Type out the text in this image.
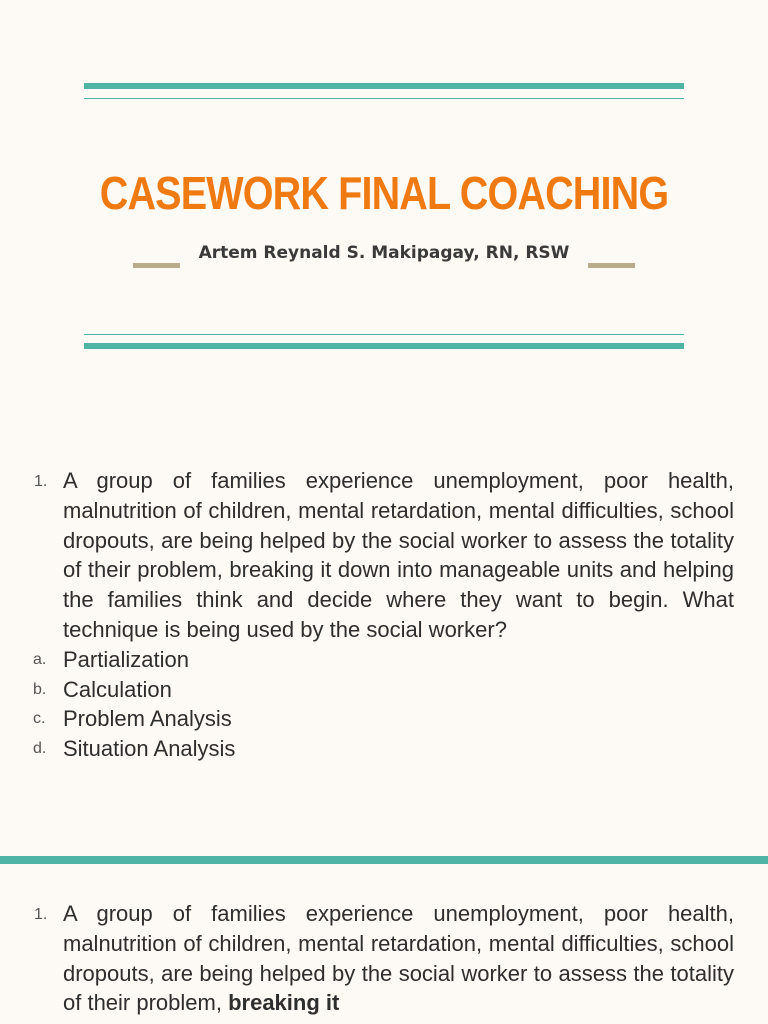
CASEWORK FINAL COACHING
Artem Reynald S. Makipagay, RN, RSW
1. A group of families experience unemployment, poor health, malnutrition of children, mental retardation, mental difficulties, school dropouts, are being helped by the social worker to assess the totality of their problem, breaking it down into manageable units and helping the families think and decide where they want to begin. What technique is being used by the social worker?

a. Partialization
b. Calculation
c. Problem Analysis
d. Situation Analysis
1. A group of families experience unemployment, poor health, malnutrition of children, mental retardation, mental difficulties, school dropouts, are being helped by the social worker to assess the totality of their problem, breaking it
